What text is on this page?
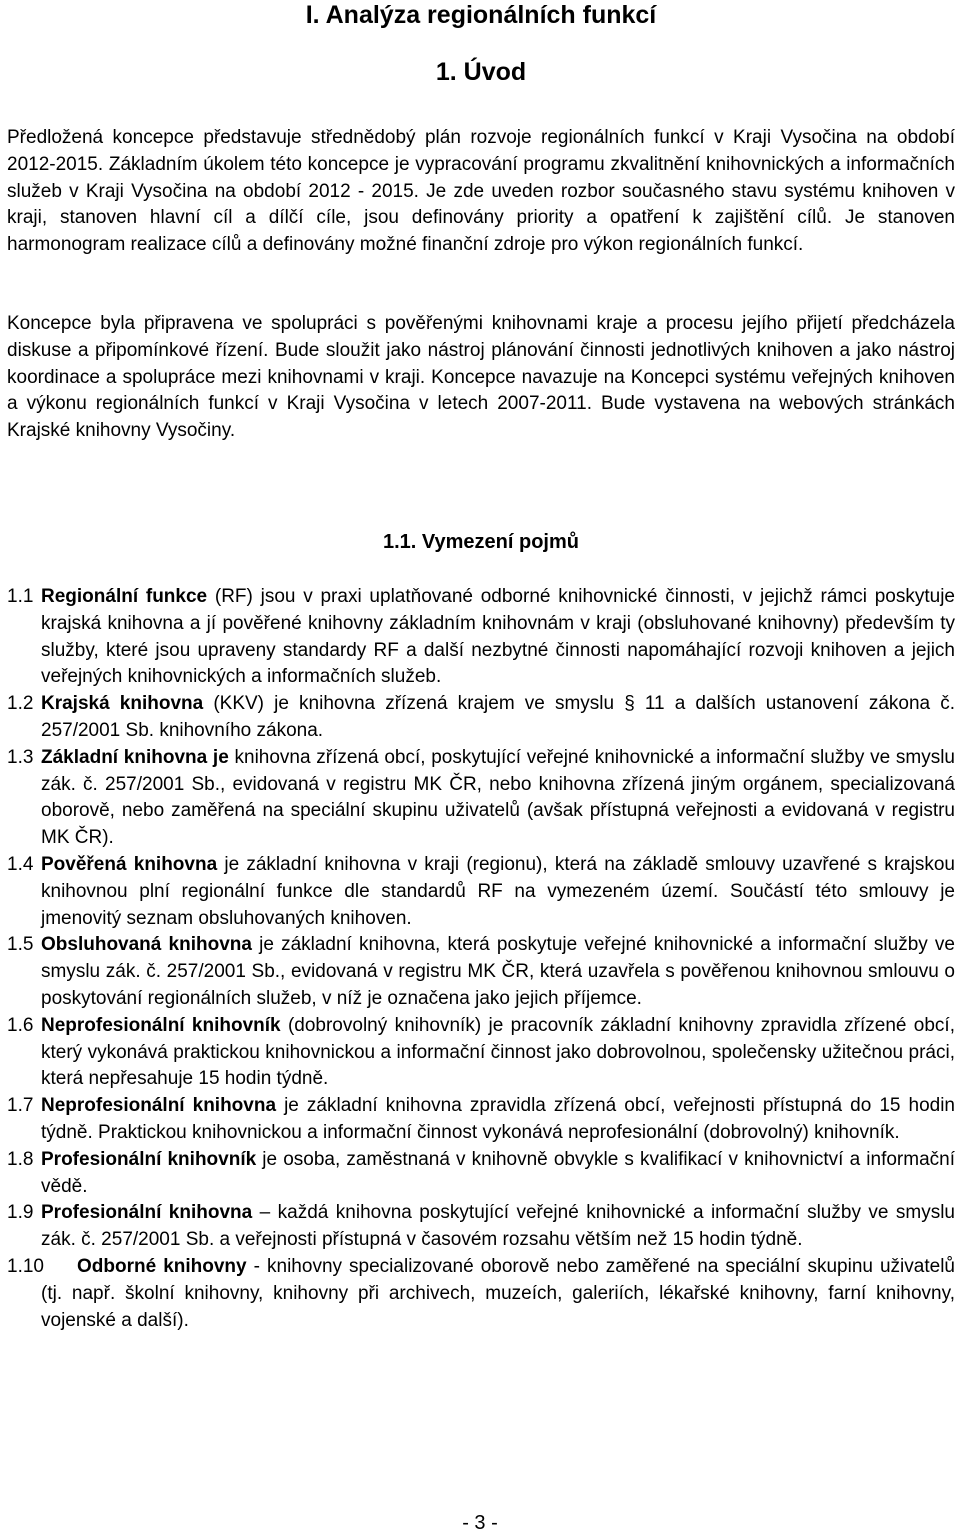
I. Analýza regionálních funkcí
1. Úvod

Předložená koncepce představuje střednědobý plán rozvoje regionálních funkcí v Kraji Vysočina na období 2012-2015. Základním úkolem této koncepce je vypracování programu zkvalitnění knihovnických a informačních služeb v Kraji Vysočina na období 2012 - 2015. Je zde uveden rozbor současného stavu systému knihoven v kraji, stanoven hlavní cíl a dílčí cíle, jsou definovány priority a opatření k zajištění cílů. Je stanoven harmonogram realizace cílů a definovány možné finanční zdroje pro výkon regionálních funkcí.

Koncepce byla připravena ve spolupráci s pověřenými knihovnami kraje a procesu jejího přijetí předcházela diskuse a připomínkové řízení. Bude sloužit jako nástroj plánování činnosti jednotlivých knihoven a jako nástroj koordinace a spolupráce mezi knihovnami v kraji. Koncepce navazuje na Koncepci systému veřejných knihoven a výkonu regionálních funkcí v Kraji Vysočina v letech 2007-2011. Bude vystavena na webových stránkách Krajské knihovny Vysočiny.

1.1. Vymezení pojmů

1.1 Regionální funkce (RF) jsou v praxi uplatňované odborné knihovnické činnosti, v jejichž rámci poskytuje krajská knihovna a jí pověřené knihovny základním knihovnám v kraji (obsluhované knihovny) především ty služby, které jsou upraveny standardy RF a další nezbytné činnosti napomáhající rozvoji knihoven a jejich veřejných knihovnických a informačních služeb.

1.2 Krajská knihovna (KKV) je knihovna zřízená krajem ve smyslu § 11 a dalších ustanovení zákona č. 257/2001 Sb. knihovního zákona.

1.3 Základní knihovna je knihovna zřízená obcí, poskytující veřejné knihovnické a informační služby ve smyslu zák. č. 257/2001 Sb., evidovaná v registru MK ČR, nebo knihovna zřízená jiným orgánem, specializovaná oborově, nebo zaměřená na speciální skupinu uživatelů (avšak přístupná veřejnosti a evidovaná v registru MK ČR).

1.4 Pověřená knihovna je základní knihovna v kraji (regionu), která na základě smlouvy uzavřené s krajskou knihovnou plní regionální funkce dle standardů RF na vymezeném území. Součástí této smlouvy je jmenovitý seznam obsluhovaných knihoven.

1.5 Obsluhovaná knihovna je základní knihovna, která poskytuje veřejné knihovnické a informační služby ve smyslu zák. č. 257/2001 Sb., evidovaná v registru MK ČR, která uzavřela s pověřenou knihovnou smlouvu o poskytování regionálních služeb, v níž je označena jako jejich příjemce.

1.6 Neprofesionální knihovník (dobrovolný knihovník) je pracovník základní knihovny zpravidla zřízené obcí, který vykonává praktickou knihovnickou a informační činnost jako dobrovolnou, společensky užitečnou práci, která nepřesahuje 15 hodin týdně.

1.7 Neprofesionální knihovna je základní knihovna zpravidla zřízená obcí, veřejnosti přístupná do 15 hodin týdně. Praktickou knihovnickou a informační činnost vykonává neprofesionální (dobrovolný) knihovník.

1.8 Profesionální knihovník je osoba, zaměstnaná v knihovně obvykle s kvalifikací v knihovnictví a informační vědě.

1.9 Profesionální knihovna – každá knihovna poskytující veřejné knihovnické a informační služby ve smyslu zák. č. 257/2001 Sb. a veřejnosti přístupná v časovém rozsahu větším než 15 hodin týdně.

1.10	Odborné knihovny - knihovny specializované oborově nebo zaměřené na speciální skupinu uživatelů (tj. např. školní knihovny, knihovny při archivech, muzeích, galeriích, lékařské knihovny, farní knihovny, vojenské a další).

- 3 -
